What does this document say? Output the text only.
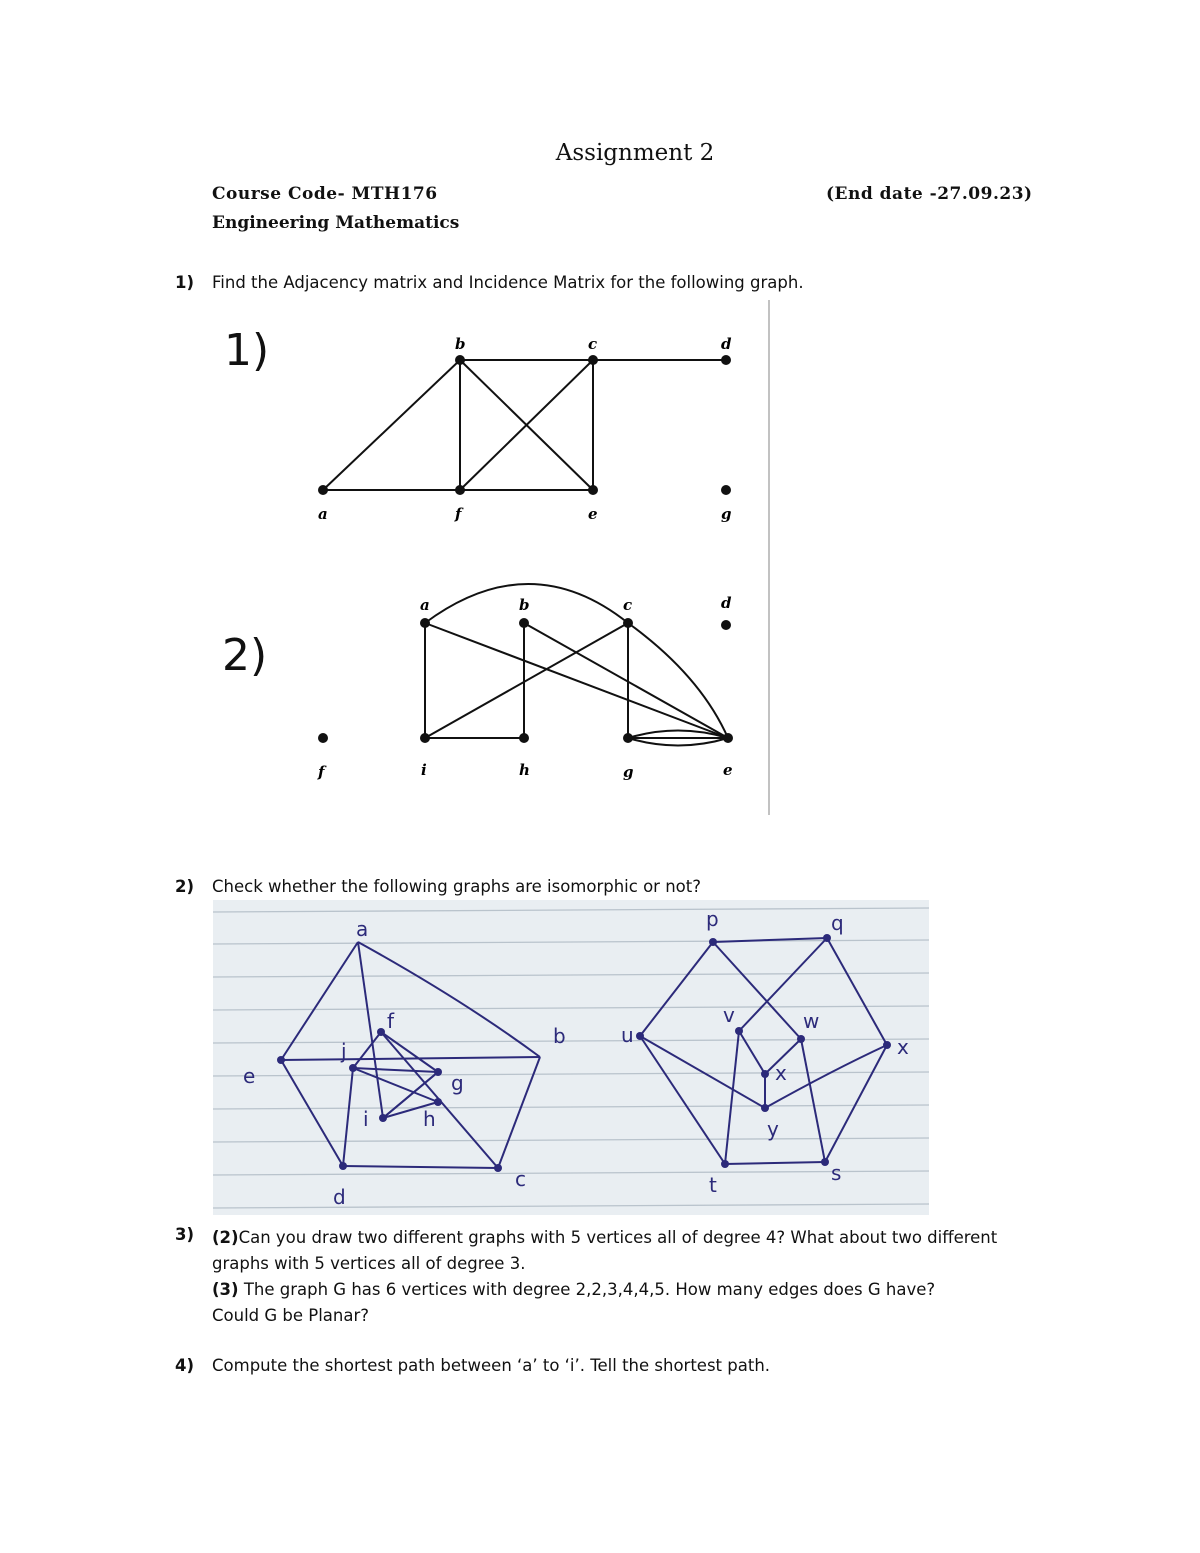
Assignment 2
Course Code- MTH176
Engineering Mathematics
(End date -27.09.23)
1) Find the Adjacency matrix and Incidence Matrix for the following graph.
1)
2)
b	c	d
a	f	e	g
a	b	c	d
f	i	h	g	e
2) Check whether the following graphs are isomorphic or not?
a
b
c
d
e
f
g
h
i
j
p	q
u
v	w
x
y
x
s
t
3) (2)Can you draw two different graphs with 5 vertices all of degree 4? What about two different
graphs with 5 vertices all of degree 3.
(3) The graph G has 6 vertices with degree 2,2,3,4,4,5. How many edges does G have?
Could G be Planar?
4) Compute the shortest path between ‘a’ to ‘i’. Tell the shortest path.
